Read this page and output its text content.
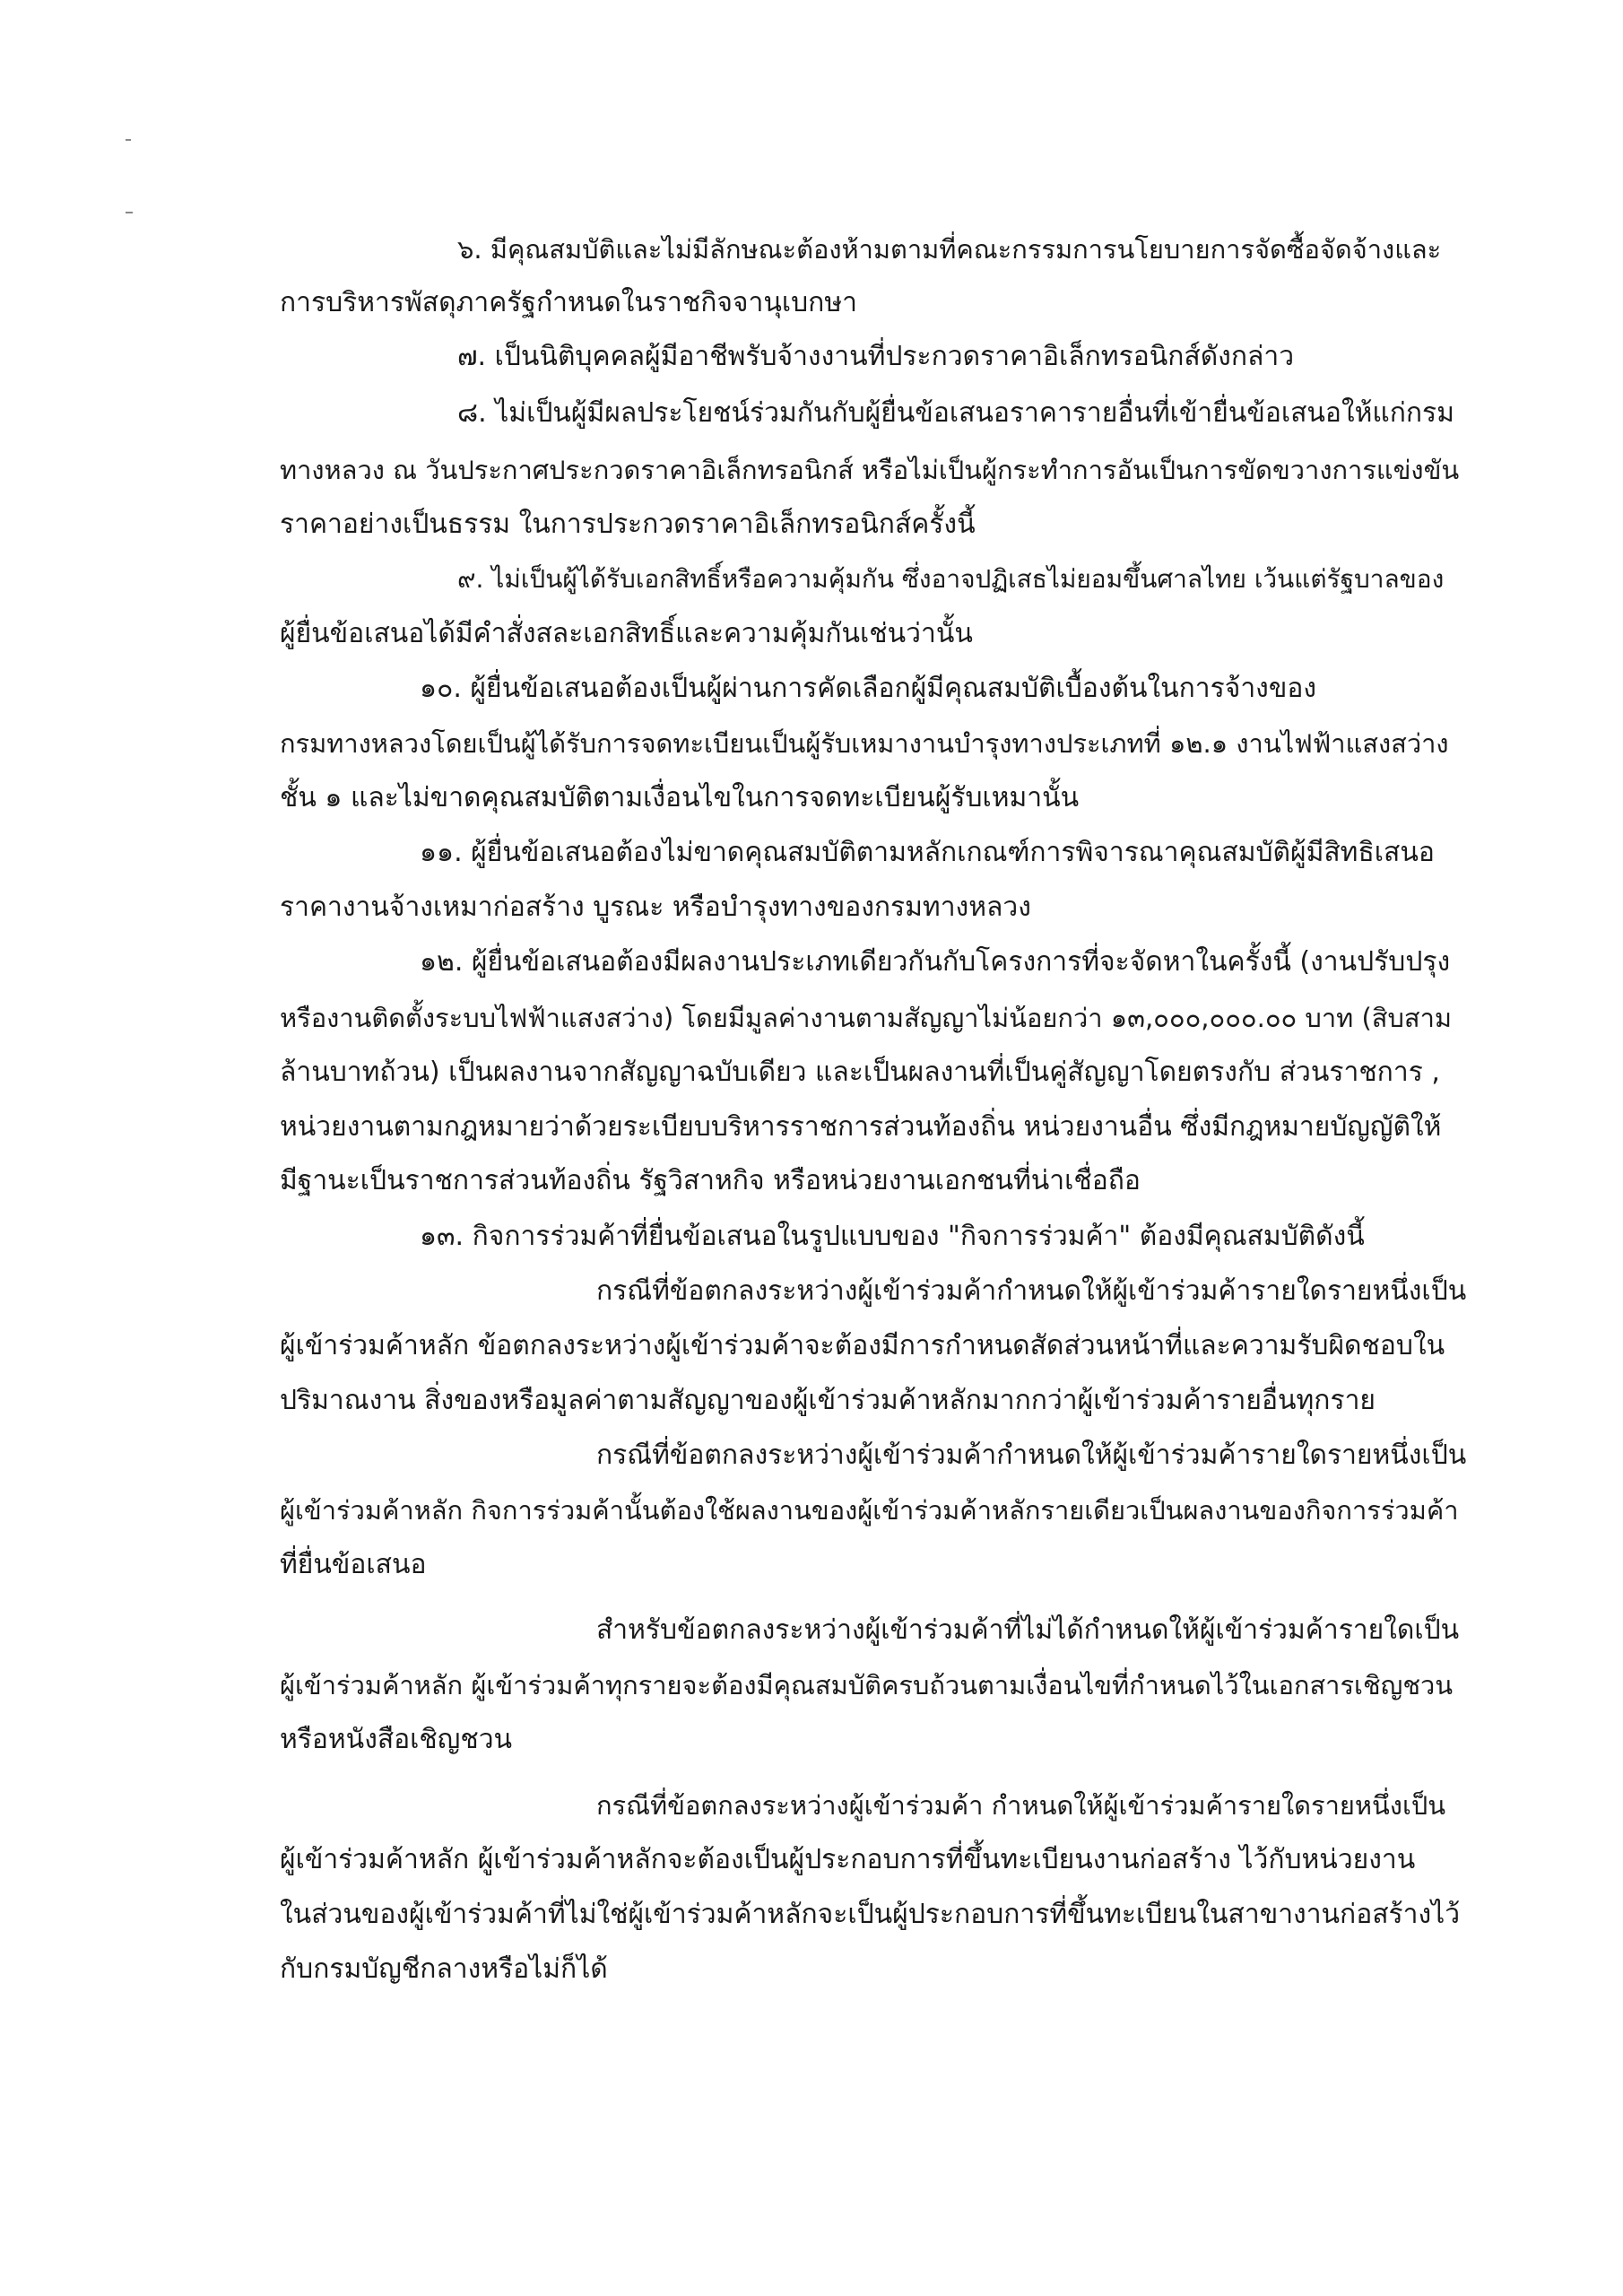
๖. มีคุณสมบัติและไม่มีลักษณะต้องห้ามตามที่คณะกรรมการนโยบายการจัดซื้อจัดจ้างและ
การบริหารพัสดุภาครัฐกำหนดในราชกิจจานุเบกษา
๗. เป็นนิติบุคคลผู้มีอาชีพรับจ้างงานที่ประกวดราคาอิเล็กทรอนิกส์ดังกล่าว
๘. ไม่เป็นผู้มีผลประโยชน์ร่วมกันกับผู้ยื่นข้อเสนอราคารายอื่นที่เข้ายื่นข้อเสนอให้แก่กรม
ทางหลวง ณ วันประกาศประกวดราคาอิเล็กทรอนิกส์ หรือไม่เป็นผู้กระทำการอันเป็นการขัดขวางการแข่งขัน
ราคาอย่างเป็นธรรม ในการประกวดราคาอิเล็กทรอนิกส์ครั้งนี้
๙. ไม่เป็นผู้ได้รับเอกสิทธิ์หรือความคุ้มกัน ซึ่งอาจปฏิเสธไม่ยอมขึ้นศาลไทย เว้นแต่รัฐบาลของ
ผู้ยื่นข้อเสนอได้มีคำสั่งสละเอกสิทธิ์และความคุ้มกันเช่นว่านั้น
๑๐. ผู้ยื่นข้อเสนอต้องเป็นผู้ผ่านการคัดเลือกผู้มีคุณสมบัติเบื้องต้นในการจ้างของ
กรมทางหลวงโดยเป็นผู้ได้รับการจดทะเบียนเป็นผู้รับเหมางานบำรุงทางประเภทที่ ๑๒.๑ งานไฟฟ้าแสงสว่าง
ชั้น ๑ และไม่ขาดคุณสมบัติตามเงื่อนไขในการจดทะเบียนผู้รับเหมานั้น
๑๑. ผู้ยื่นข้อเสนอต้องไม่ขาดคุณสมบัติตามหลักเกณฑ์การพิจารณาคุณสมบัติผู้มีสิทธิเสนอ
ราคางานจ้างเหมาก่อสร้าง บูรณะ หรือบำรุงทางของกรมทางหลวง
๑๒. ผู้ยื่นข้อเสนอต้องมีผลงานประเภทเดียวกันกับโครงการที่จะจัดหาในครั้งนี้ (งานปรับปรุง
หรืองานติดตั้งระบบไฟฟ้าแสงสว่าง) โดยมีมูลค่างานตามสัญญาไม่น้อยกว่า ๑๓,๐๐๐,๐๐๐.๐๐ บาท (สิบสาม
ล้านบาทถ้วน) เป็นผลงานจากสัญญาฉบับเดียว และเป็นผลงานที่เป็นคู่สัญญาโดยตรงกับ ส่วนราชการ ,
หน่วยงานตามกฎหมายว่าด้วยระเบียบบริหารราชการส่วนท้องถิ่น หน่วยงานอื่น ซึ่งมีกฎหมายบัญญัติให้
มีฐานะเป็นราชการส่วนท้องถิ่น รัฐวิสาหกิจ หรือหน่วยงานเอกชนที่น่าเชื่อถือ
๑๓. กิจการร่วมค้าที่ยื่นข้อเสนอในรูปแบบของ "กิจการร่วมค้า" ต้องมีคุณสมบัติดังนี้
กรณีที่ข้อตกลงระหว่างผู้เข้าร่วมค้ากำหนดให้ผู้เข้าร่วมค้ารายใดรายหนึ่งเป็น
ผู้เข้าร่วมค้าหลัก ข้อตกลงระหว่างผู้เข้าร่วมค้าจะต้องมีการกำหนดสัดส่วนหน้าที่และความรับผิดชอบใน
ปริมาณงาน สิ่งของหรือมูลค่าตามสัญญาของผู้เข้าร่วมค้าหลักมากกว่าผู้เข้าร่วมค้ารายอื่นทุกราย
กรณีที่ข้อตกลงระหว่างผู้เข้าร่วมค้ากำหนดให้ผู้เข้าร่วมค้ารายใดรายหนึ่งเป็น
ผู้เข้าร่วมค้าหลัก กิจการร่วมค้านั้นต้องใช้ผลงานของผู้เข้าร่วมค้าหลักรายเดียวเป็นผลงานของกิจการร่วมค้า
ที่ยื่นข้อเสนอ
สำหรับข้อตกลงระหว่างผู้เข้าร่วมค้าที่ไม่ได้กำหนดให้ผู้เข้าร่วมค้ารายใดเป็น
ผู้เข้าร่วมค้าหลัก ผู้เข้าร่วมค้าทุกรายจะต้องมีคุณสมบัติครบถ้วนตามเงื่อนไขที่กำหนดไว้ในเอกสารเชิญชวน
หรือหนังสือเชิญชวน
กรณีที่ข้อตกลงระหว่างผู้เข้าร่วมค้า กำหนดให้ผู้เข้าร่วมค้ารายใดรายหนึ่งเป็น
ผู้เข้าร่วมค้าหลัก ผู้เข้าร่วมค้าหลักจะต้องเป็นผู้ประกอบการที่ขึ้นทะเบียนงานก่อสร้าง ไว้กับหน่วยงาน
ในส่วนของผู้เข้าร่วมค้าที่ไม่ใช่ผู้เข้าร่วมค้าหลักจะเป็นผู้ประกอบการที่ขึ้นทะเบียนในสาขางานก่อสร้างไว้
กับกรมบัญชีกลางหรือไม่ก็ได้
